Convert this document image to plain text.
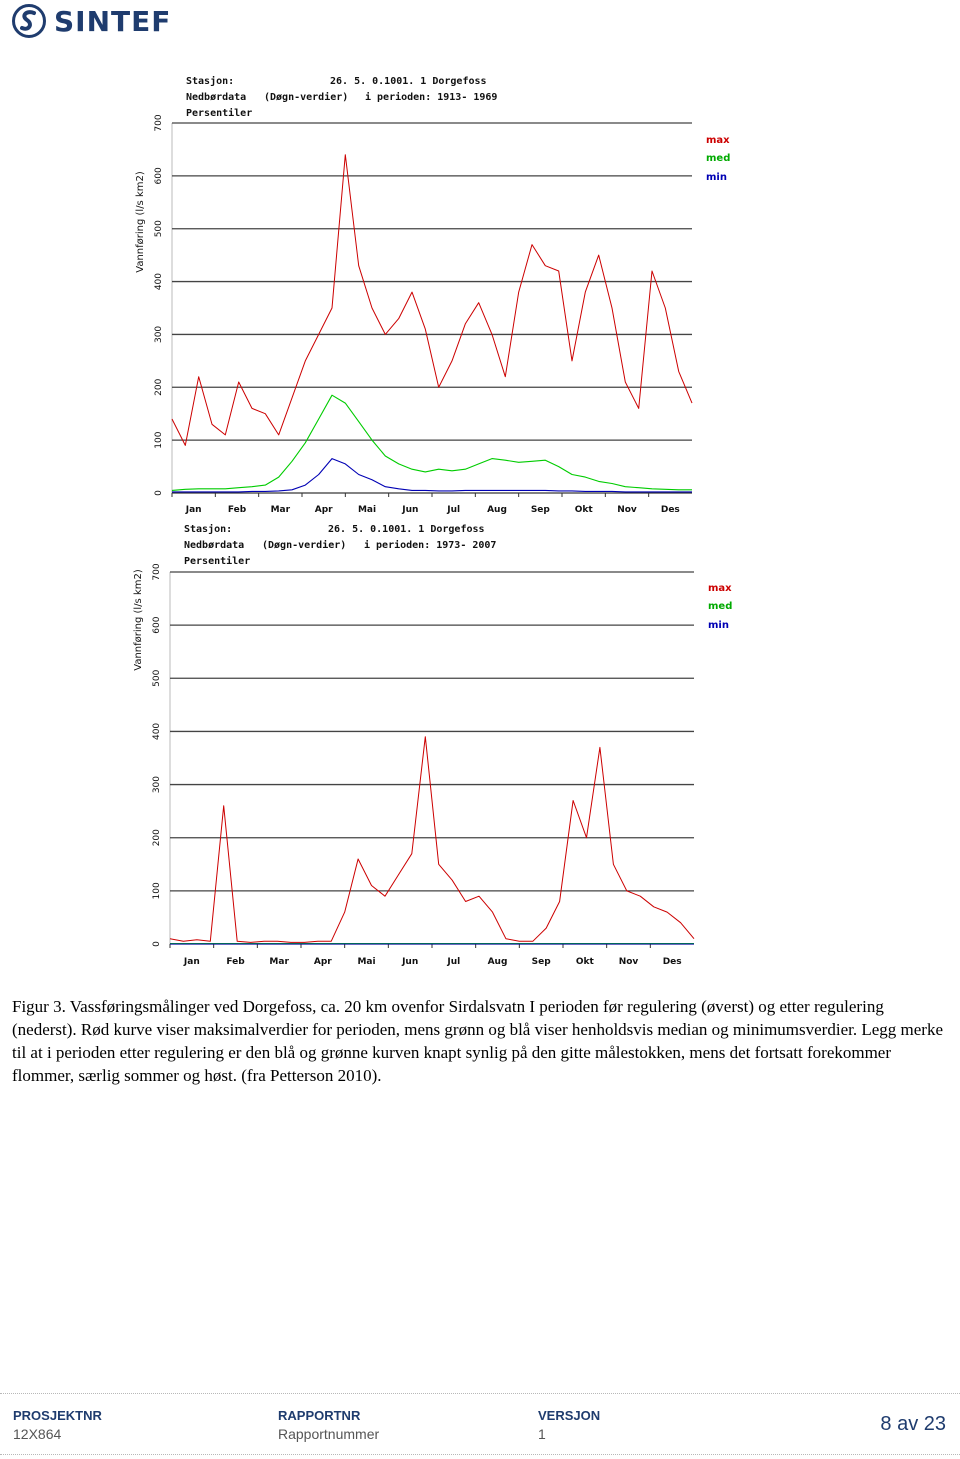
SINTEF
Stasjon:	26. 5. 0.1001. 1 Dorgefoss
Nedbørdata (Døgn-verdier) i perioden: 1913- 1969
Persentiler
Vannføring (l/s km2)
0
100
200
300
400
500
600
700
Jan	Feb	Mar	Apr	Mai	Jun	Jul	Aug	Sep	Okt	Nov	Des
max
med
min
Stasjon:	26. 5. 0.1001. 1 Dorgefoss
Nedbørdata (Døgn-verdier) i perioden: 1973- 2007
Persentiler
Vannføring (l/s km2)
0
100
200
300
400
500
600
700
Jan	Feb	Mar	Apr	Mai	Jun	Jul	Aug	Sep	Okt	Nov	Des
max
med
min
Figur 3. Vassføringsmålinger ved Dorgefoss, ca. 20 km ovenfor Sirdalsvatn I perioden før regulering (øverst) og etter regulering (nederst). Rød kurve viser maksimalverdier for perioden, mens grønn og blå viser henholdsvis median og minimumsverdier. Legg merke til at i perioden etter regulering er den blå og grønne kurven knapt synlig på den gitte målestokken, mens det fortsatt forekommer flommer, særlig sommer og høst. (fra Petterson 2010).
PROSJEKTNR
12X864
RAPPORTNR
Rapportnummer
VERSJON
1	8 av 23
